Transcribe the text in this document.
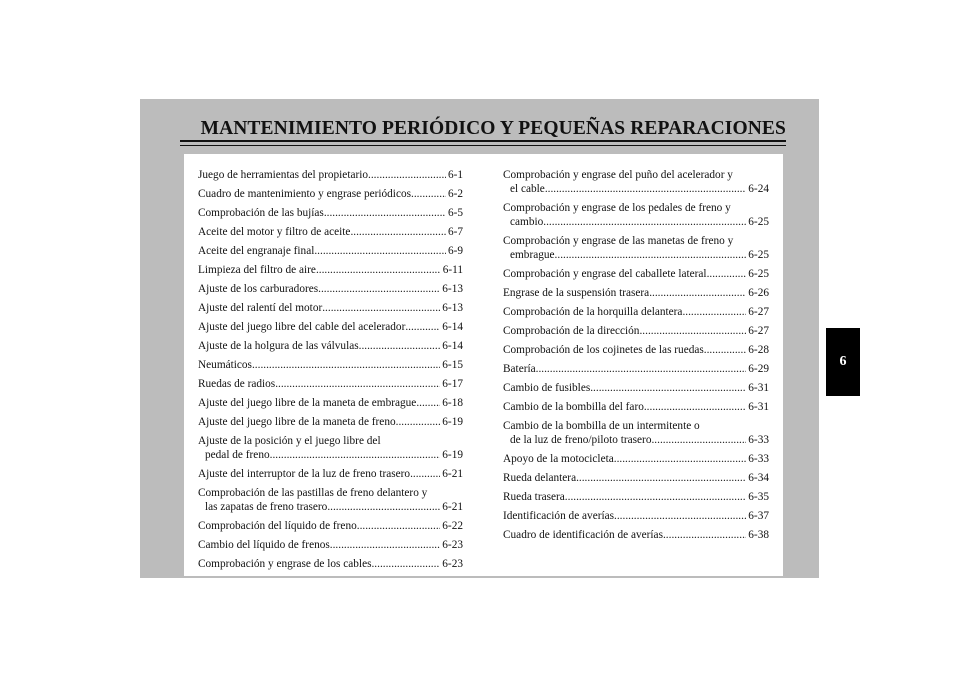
MANTENIMIENTO PERIÓDICO Y PEQUEÑAS REPARACIONES
6
Juego de herramientas del propietario .....	6-1
Cuadro de mantenimiento y engrase periódicos .....	6-2
Comprobación de las bujías .....	6-5
Aceite del motor y filtro de aceite .....	6-7
Aceite del engranaje final .....	6-9
Limpieza del filtro de aire .....	6-11
Ajuste de los carburadores .....	6-13
Ajuste del ralentí del motor .....	6-13
Ajuste del juego libre del cable del acelerador .....	6-14
Ajuste de la holgura de las válvulas .....	6-14
Neumáticos .....	6-15
Ruedas de radios .....	6-17
Ajuste del juego libre de la maneta de embrague ..... 6-18
Ajuste del juego libre de la maneta de freno .....	6-19
Ajuste de la posición y el juego libre del
pedal de freno .....	6-19
Ajuste del interruptor de la luz de freno trasero .....	6-21
Comprobación de las pastillas de freno delantero y
las zapatas de freno trasero .....	6-21
Comprobación del líquido de freno .....	6-22
Cambio del líquido de frenos .....	6-23
Comprobación y engrase de los cables .....	6-23
Comprobación y engrase del puño del acelerador y
el cable .....	6-24
Comprobación y engrase de los pedales de freno y
cambio .....	6-25
Comprobación y engrase de las manetas de freno y
embrague .....	6-25
Comprobación y engrase del caballete lateral .....	6-25
Engrase de la suspensión trasera .....	6-26
Comprobación de la horquilla delantera .....	6-27
Comprobación de la dirección .....	6-27
Comprobación de los cojinetes de las ruedas .....	6-28
Batería .....	6-29
Cambio de fusibles .....	6-31
Cambio de la bombilla del faro .....	6-31
Cambio de la bombilla de un intermitente o
de la luz de freno/piloto trasero .....	6-33
Apoyo de la motocicleta .....	6-33
Rueda delantera .....	6-34
Rueda trasera .....	6-35
Identificación de averías .....	6-37
Cuadro de identificación de averías .....	6-38
